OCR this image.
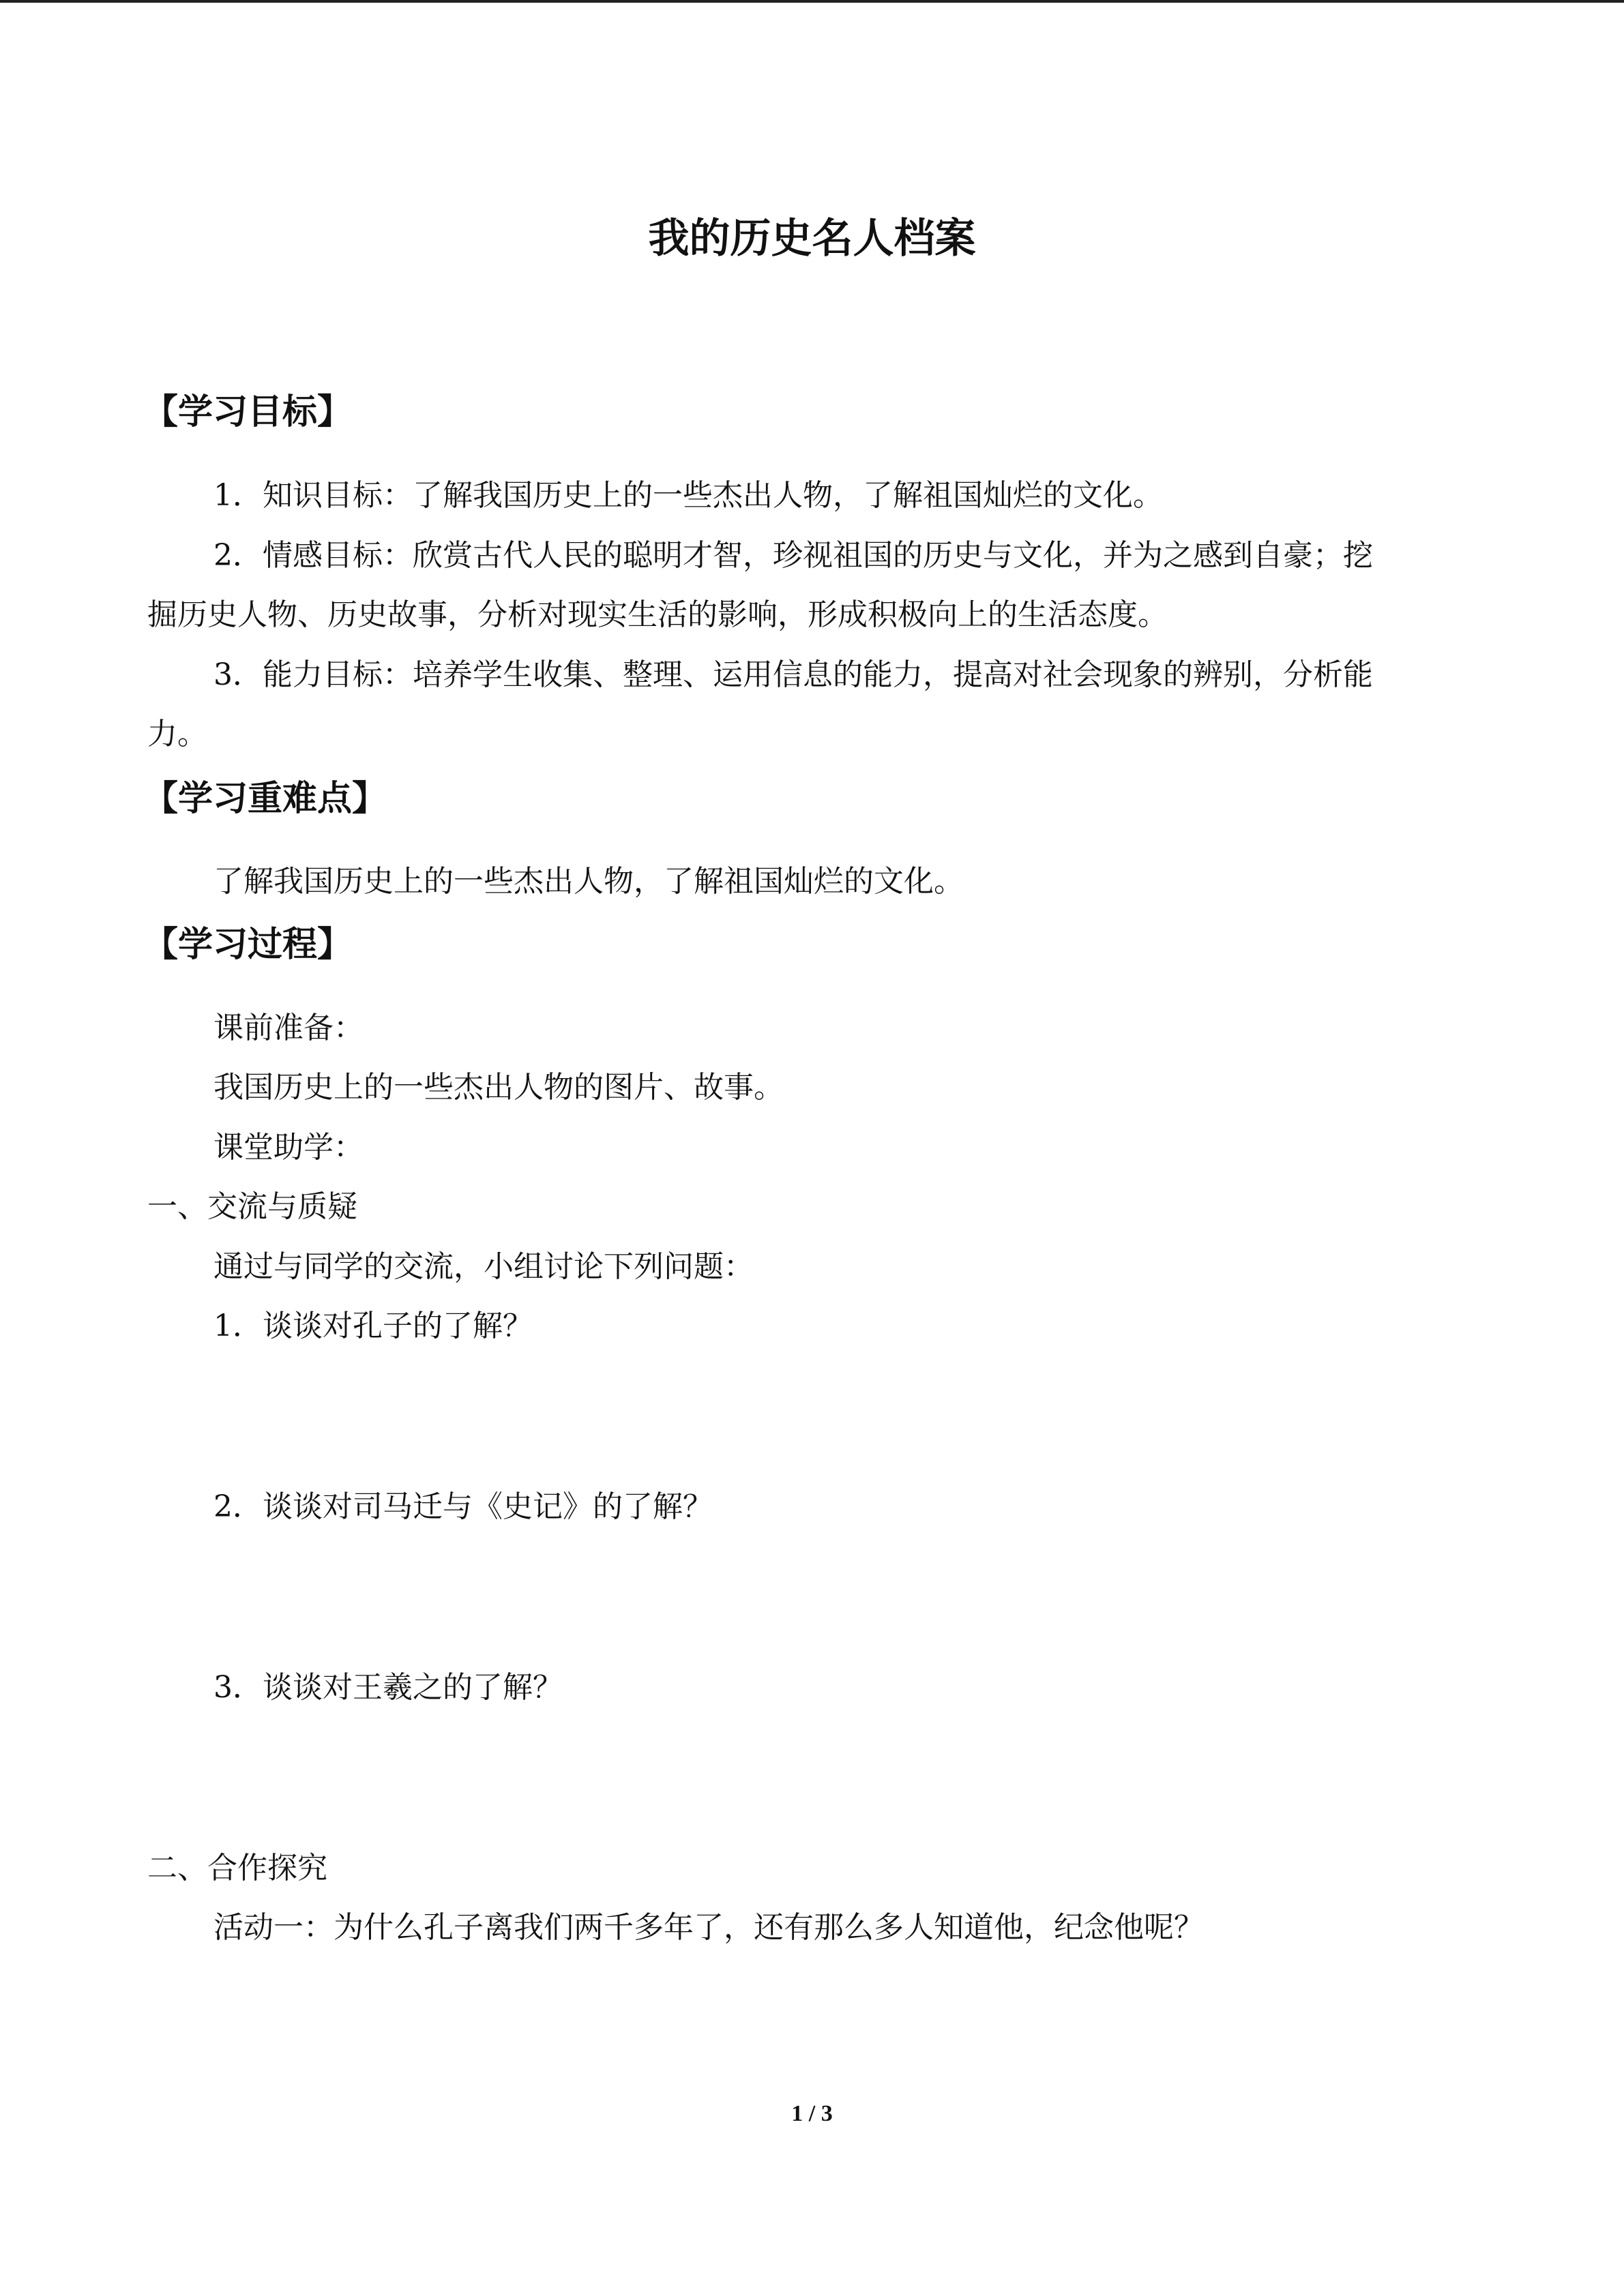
我的历史名人档案
【学习目标】

1．知识目标：了解我国历史上的一些杰出人物，了解祖国灿烂的文化。

2．情感目标：欣赏古代人民的聪明才智，珍视祖国的历史与文化，并为之感到自豪；挖

掘历史人物、历史故事，分析对现实生活的影响，形成积极向上的生活态度。

3．能力目标：培养学生收集、整理、运用信息的能力，提高对社会现象的辨别，分析能

力。

【学习重难点】

了解我国历史上的一些杰出人物，了解祖国灿烂的文化。

【学习过程】

课前准备：

我国历史上的一些杰出人物的图片、故事。

课堂助学：

一、交流与质疑

通过与同学的交流，小组讨论下列问题：

1．谈谈对孔子的了解？

2．谈谈对司马迁与《史记》的了解？

3．谈谈对王羲之的了解？

二、合作探究

活动一：为什么孔子离我们两千多年了，还有那么多人知道他，纪念他呢？

1 / 3
